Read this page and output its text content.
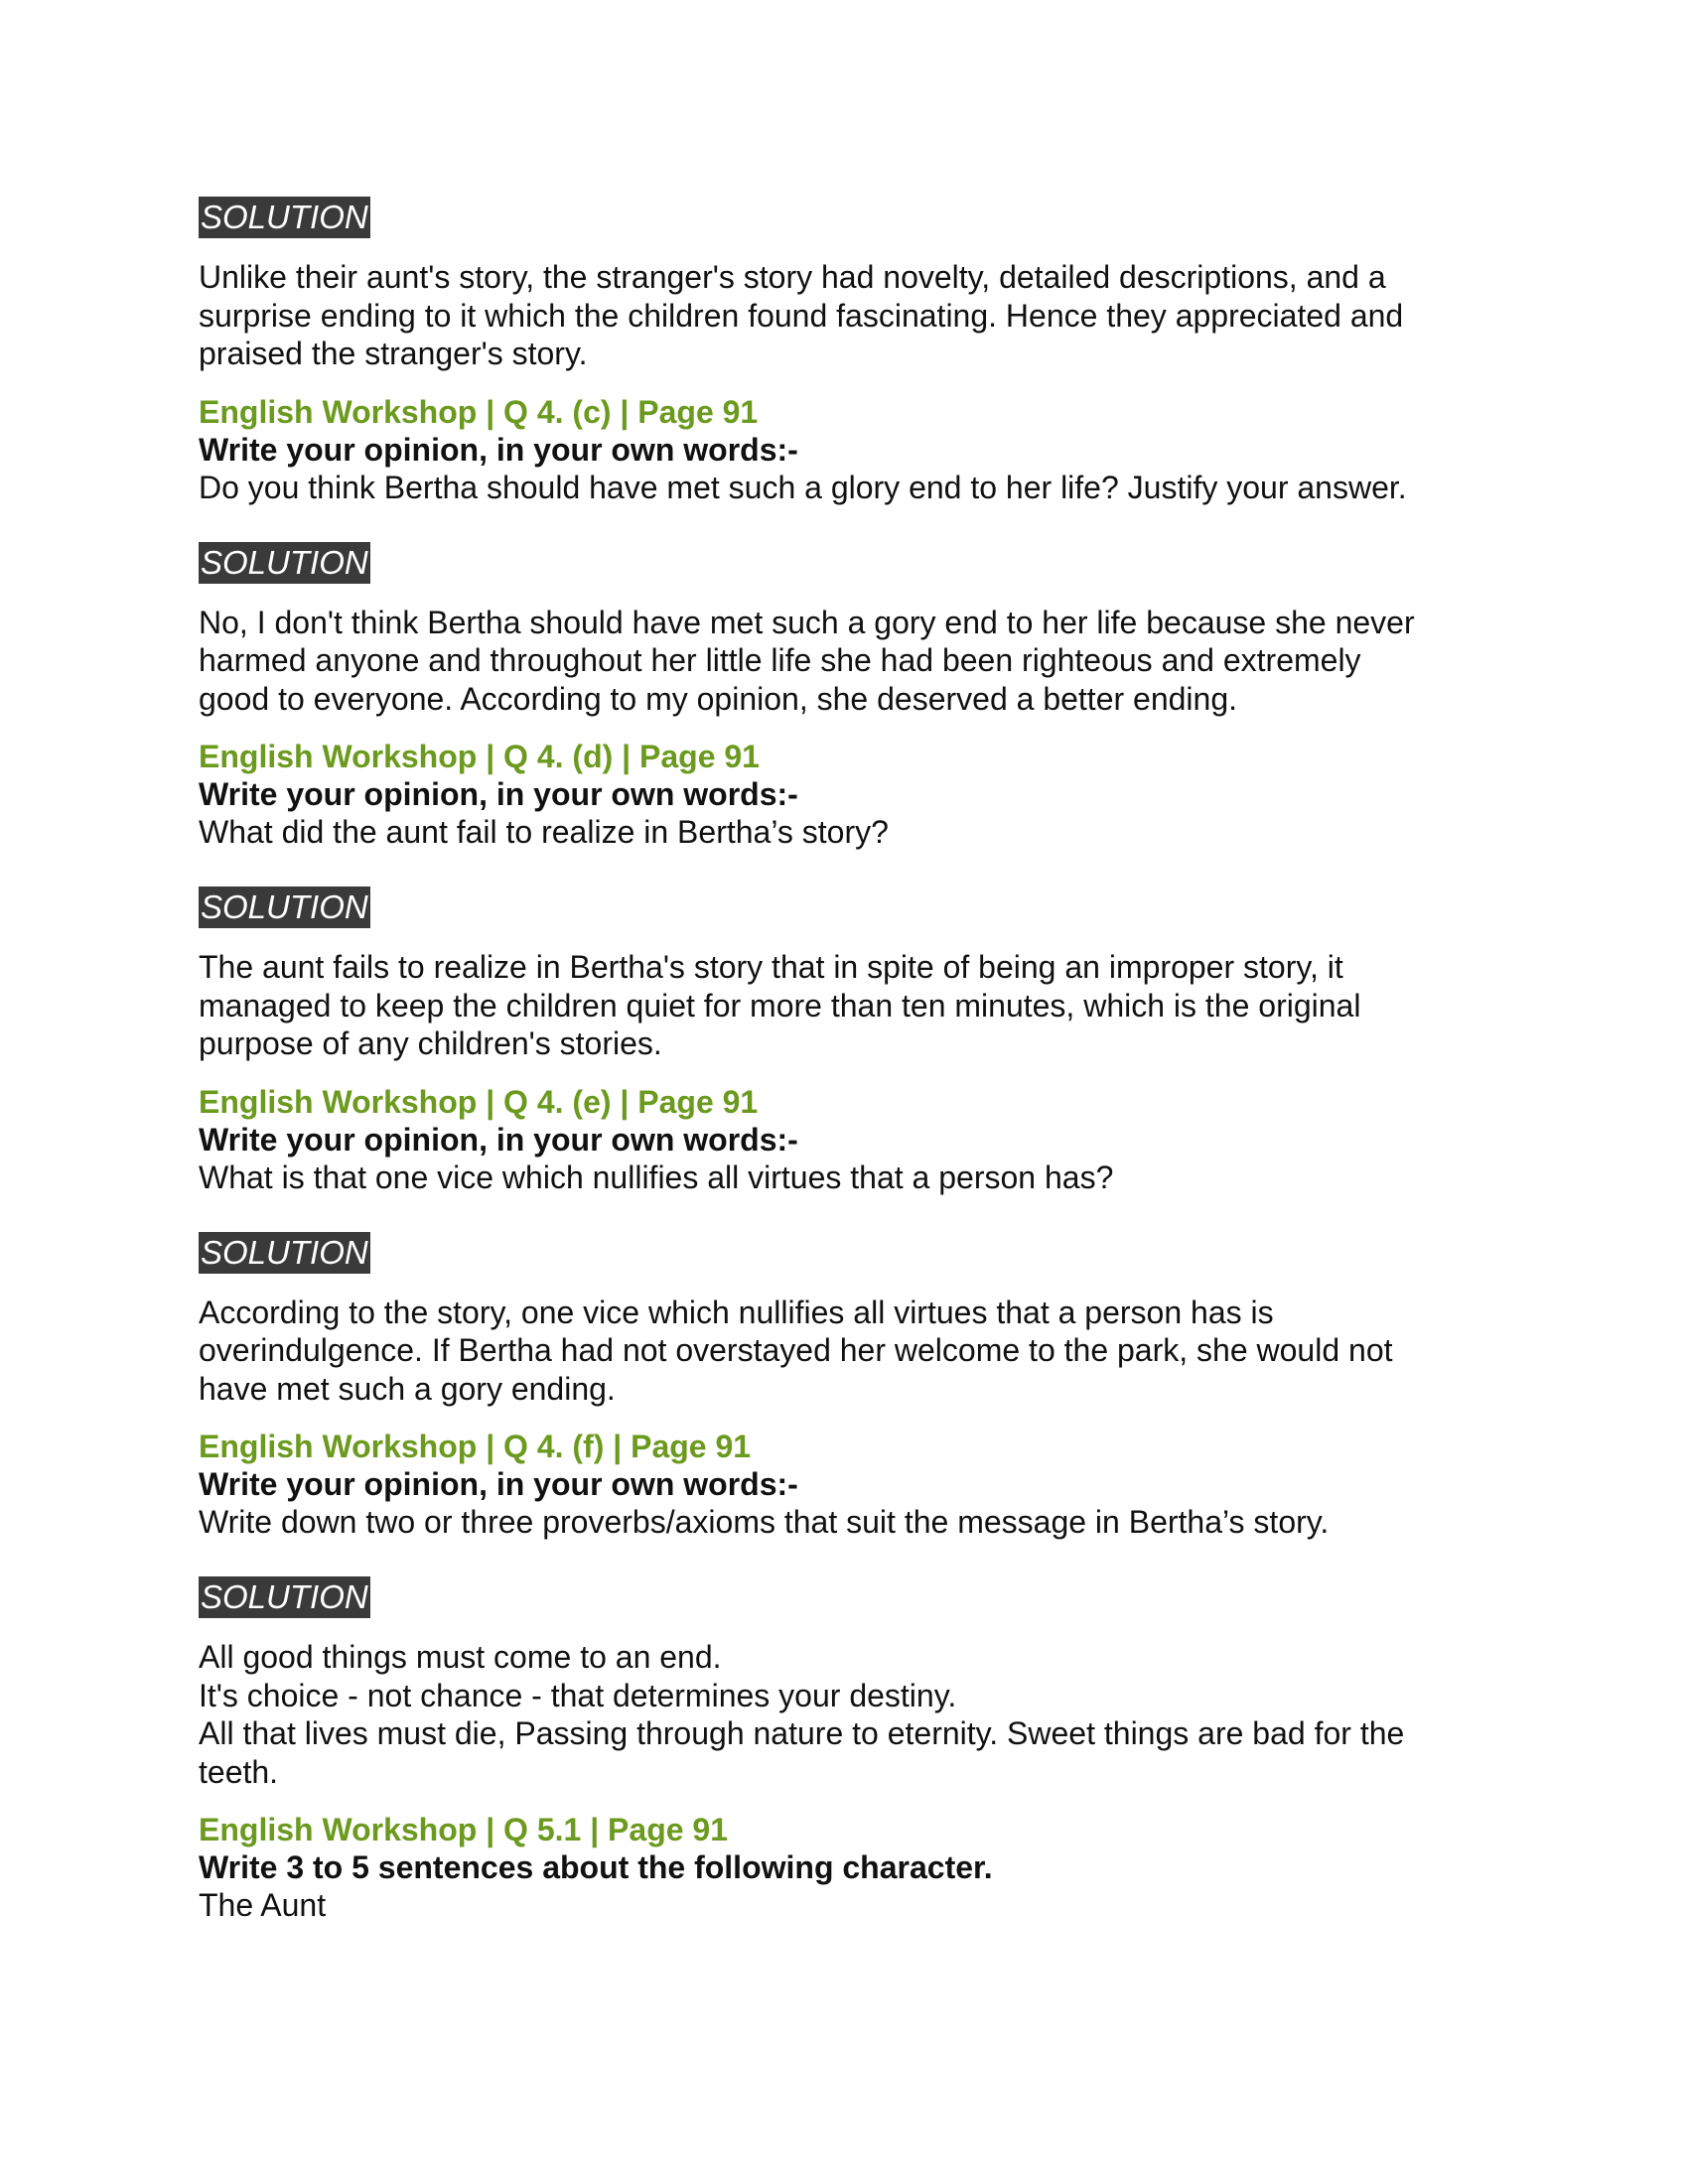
SOLUTION

Unlike their aunt's story, the stranger's story had novelty, detailed descriptions, and a

surprise ending to it which the children found fascinating. Hence they appreciated and

praised the stranger's story.

English Workshop | Q 4. (c) | Page 91
Write your opinion, in your own words:-
Do you think Bertha should have met such a glory end to her life? Justify your answer.
SOLUTION

No, I don't think Bertha should have met such a gory end to her life because she never

harmed anyone and throughout her little life she had been righteous and extremely

good to everyone. According to my opinion, she deserved a better ending.

English Workshop | Q 4. (d) | Page 91
Write your opinion, in your own words:-
What did the aunt fail to realize in Bertha’s story?
SOLUTION

The aunt fails to realize in Bertha's story that in spite of being an improper story, it

managed to keep the children quiet for more than ten minutes, which is the original

purpose of any children's stories.

English Workshop | Q 4. (e) | Page 91
Write your opinion, in your own words:-
What is that one vice which nullifies all virtues that a person has?
SOLUTION

According to the story, one vice which nullifies all virtues that a person has is

overindulgence. If Bertha had not overstayed her welcome to the park, she would not

have met such a gory ending.

English Workshop | Q 4. (f) | Page 91
Write your opinion, in your own words:-
Write down two or three proverbs/axioms that suit the message in Bertha’s story.
SOLUTION

All good things must come to an end.

It's choice - not chance - that determines your destiny.

All that lives must die, Passing through nature to eternity. Sweet things are bad for the

teeth.

English Workshop | Q 5.1 | Page 91
Write 3 to 5 sentences about the following character.
The Aunt
